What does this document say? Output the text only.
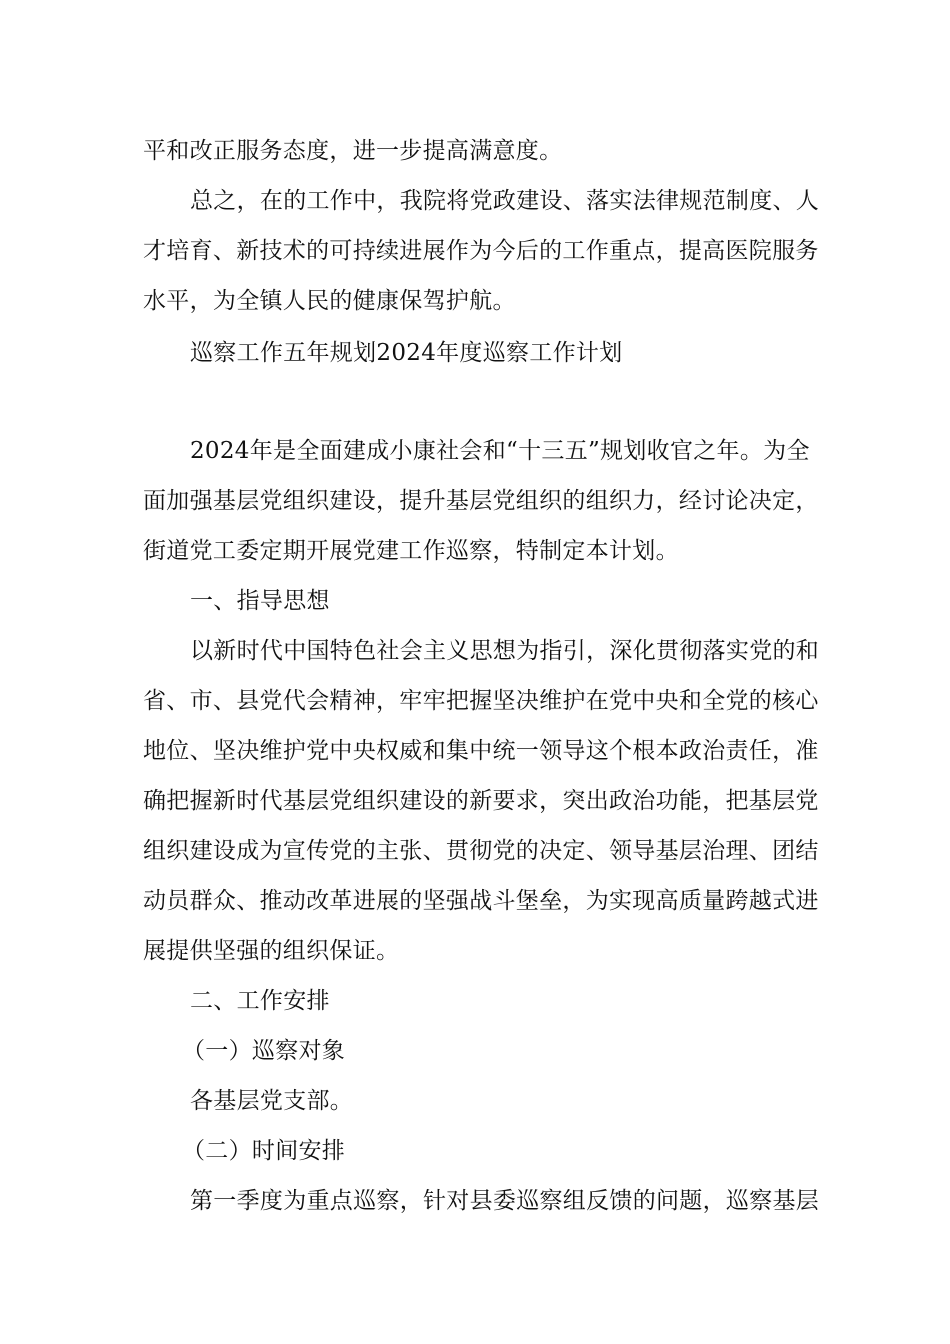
平和改正服务态度，进一步提高满意度。
总之，在的工作中，我院将党政建设、落实法律规范制度、人
才培育、新技术的可持续进展作为今后的工作重点，提高医院服务
水平，为全镇人民的健康保驾护航。
巡察工作五年规划2024年度巡察工作计划
2024年是全面建成小康社会和“十三五”规划收官之年。为全
面加强基层党组织建设，提升基层党组织的组织力，经讨论决定，
街道党工委定期开展党建工作巡察，特制定本计划。
一、指导思想
以新时代中国特色社会主义思想为指引，深化贯彻落实党的和
省、市、县党代会精神，牢牢把握坚决维护在党中央和全党的核心
地位、坚决维护党中央权威和集中统一领导这个根本政治责任，准
确把握新时代基层党组织建设的新要求，突出政治功能，把基层党
组织建设成为宣传党的主张、贯彻党的决定、领导基层治理、团结
动员群众、推动改革进展的坚强战斗堡垒，为实现高质量跨越式进
展提供坚强的组织保证。
二、工作安排
（一）巡察对象
各基层党支部。
（二）时间安排
第一季度为重点巡察，针对县委巡察组反馈的问题，巡察基层
